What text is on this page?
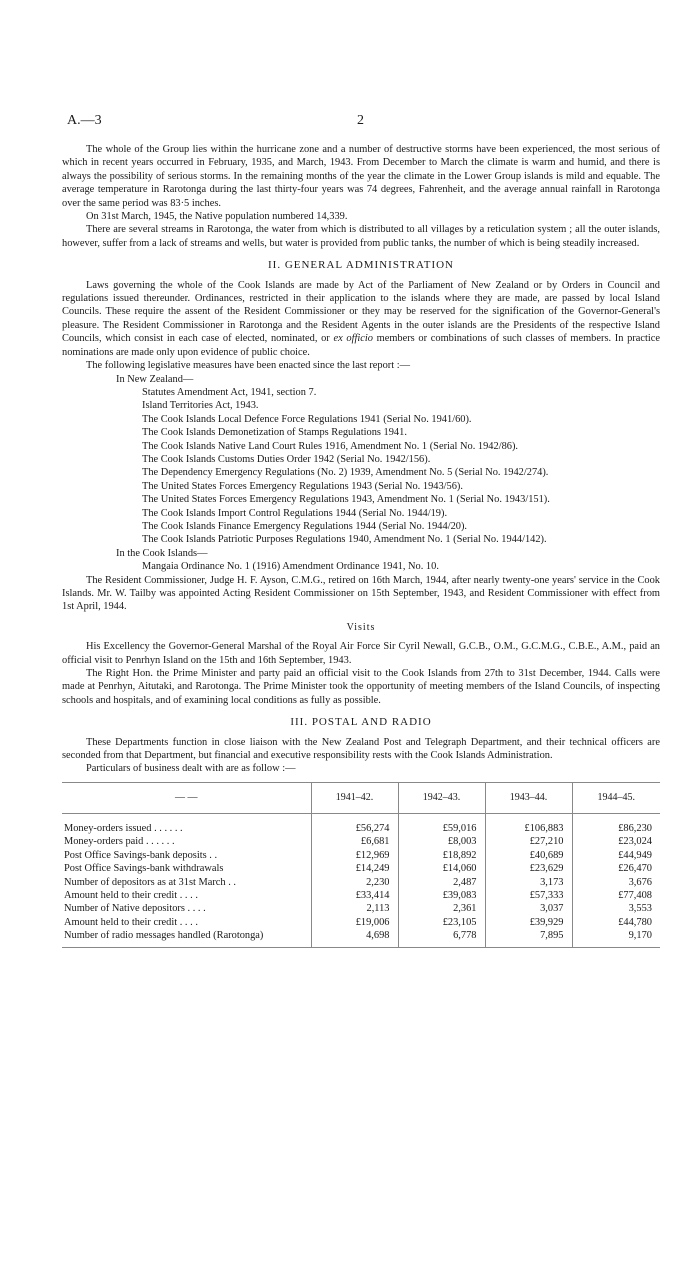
A.—3	2

The whole of the Group lies within the hurricane zone and a number of destructive storms have been experienced, the most serious of which in recent years occurred in February, 1935, and March, 1943. From December to March the climate is warm and humid, and there is always the possibility of serious storms. In the remaining months of the year the climate in the Lower Group islands is mild and equable. The average temperature in Rarotonga during the last thirty-four years was 74 degrees, Fahrenheit, and the average annual rainfall in Rarotonga over the same period was 83·5 inches.

On 31st March, 1945, the Native population numbered 14,339.

There are several streams in Rarotonga, the water from which is distributed to all villages by a reticulation system ; all the outer islands, however, suffer from a lack of streams and wells, but water is provided from public tanks, the number of which is being steadily increased.

II. GENERAL ADMINISTRATION

Laws governing the whole of the Cook Islands are made by Act of the Parliament of New Zealand or by Orders in Council and regulations issued thereunder. Ordinances, restricted in their application to the islands where they are made, are passed by local Island Councils. These require the assent of the Resident Commissioner or they may be reserved for the signification of the Governor-General's pleasure. The Resident Commissioner in Rarotonga and the Resident Agents in the outer islands are the Presidents of the respective Island Councils, which consist in each case of elected, nominated, or ex officio members or combinations of such classes of members. In practice nominations are made only upon evidence of public choice.

The following legislative measures have been enacted since the last report :—

In New Zealand—
Statutes Amendment Act, 1941, section 7.
Island Territories Act, 1943.
The Cook Islands Local Defence Force Regulations 1941 (Serial No. 1941/60).
The Cook Islands Demonetization of Stamps Regulations 1941.
The Cook Islands Native Land Court Rules 1916, Amendment No. 1 (Serial No. 1942/86).
The Cook Islands Customs Duties Order 1942 (Serial No. 1942/156).
The Dependency Emergency Regulations (No. 2) 1939, Amendment No. 5 (Serial No. 1942/274).
The United States Forces Emergency Regulations 1943 (Serial No. 1943/56).
The United States Forces Emergency Regulations 1943, Amendment No. 1 (Serial No. 1943/151).
The Cook Islands Import Control Regulations 1944 (Serial No. 1944/19).
The Cook Islands Finance Emergency Regulations 1944 (Serial No. 1944/20).
The Cook Islands Patriotic Purposes Regulations 1940, Amendment No. 1 (Serial No. 1944/142).
In the Cook Islands—
Mangaia Ordinance No. 1 (1916) Amendment Ordinance 1941, No. 10.

The Resident Commissioner, Judge H. F. Ayson, C.M.G., retired on 16th March, 1944, after nearly twenty-one years' service in the Cook Islands. Mr. W. Tailby was appointed Acting Resident Commissioner on 15th September, 1943, and Resident Commissioner with effect from 1st April, 1944.

Visits

His Excellency the Governor-General Marshal of the Royal Air Force Sir Cyril Newall, G.C.B., O.M., G.C.M.G., C.B.E., A.M., paid an official visit to Penrhyn Island on the 15th and 16th September, 1943.

The Right Hon. the Prime Minister and party paid an official visit to the Cook Islands from 27th to 31st December, 1944. Calls were made at Penrhyn, Aitutaki, and Rarotonga. The Prime Minister took the opportunity of meeting members of the Island Councils, of inspecting schools and hospitals, and of examining local conditions as fully as possible.

III. POSTAL AND RADIO

These Departments function in close liaison with the New Zealand Post and Telegraph Department, and their technical officers are seconded from that Department, but financial and executive responsibility rests with the Cook Islands Administration.

Particulars of business dealt with are as follow :—

— —		1941–42.	1942–43.	1943–44.	1944–45.
Money-orders issued . . . . . .		£56,274	£59,016	£106,883	£86,230
Money-orders paid . . . . . .		£6,681	£8,003	£27,210	£23,024
Post Office Savings-bank deposits . .		£12,969	£18,892	£40,689	£44,949
Post Office Savings-bank withdrawals		£14,249	£14,060	£23,629	£26,470
Number of depositors as at 31st March . .		2,230	2,487	3,173	3,676
Amount held to their credit . . . .		£33,414	£39,083	£57,333	£77,408
Number of Native depositors . . . .		2,113	2,361	3,037	3,553
Amount held to their credit . . . .		£19,006	£23,105	£39,929	£44,780
Number of radio messages handled (Rarotonga)		4,698	6,778	7,895	9,170
